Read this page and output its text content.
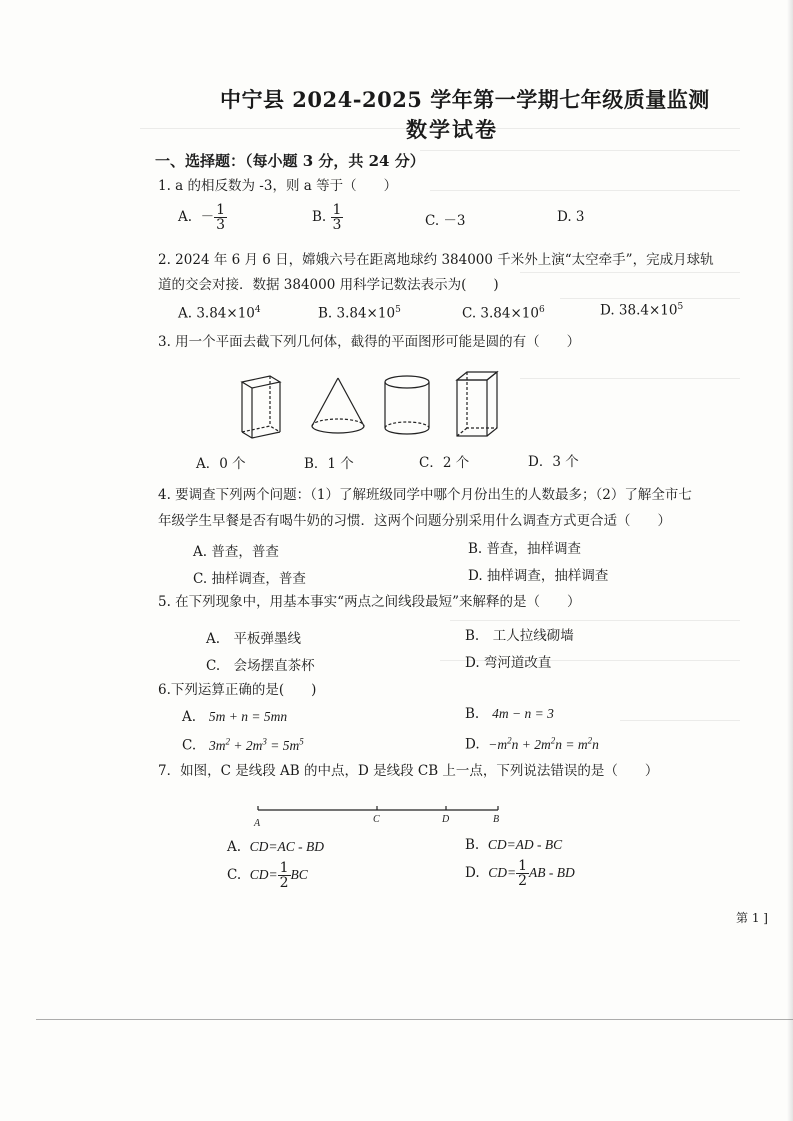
中宁县 2024-2025 学年第一学期七年级质量监测
数学试卷
一、选择题：（每小题 3 分，共 24 分）
1. a 的相反数为 -3，则 a 等于（　　）
A. － $\frac{1}{3}$	B. $\frac{1}{3}$	C. －3	D. 3
2. 2024 年 6 月 6 日，嫦娥六号在距离地球约 384000 千米外上演“太空牵手”，完成月球轨
道的交会对接．数据 384000 用科学记数法表示为(　　)
A. $3.84\times 10^4$	B. $3.84\times 10^5$	C. $3.84\times 10^6$	D. $38.4\times 10^5$
3. 用一个平面去截下列几何体，截得的平面图形可能是圆的有（　　）
A．0 个	B．1 个	C．2 个	D．3 个
4. 要调查下列两个问题：（1）了解班级同学中哪个月份出生的人数最多；（2）了解全市七
年级学生早餐是否有喝牛奶的习惯．这两个问题分别采用什么调查方式更合适（　　）
A. 普查，普查	B. 普查，抽样调查
C. 抽样调查，普查	D. 抽样调查，抽样调查
5. 在下列现象中，用基本事实“两点之间线段最短”来解释的是（　　）
A.　平板弹墨线	B.　工人拉线砌墙
C.　会场摆直茶杯	D. 弯河道改直
6.下列运算正确的是(　　)
A. 5m + n = 5mn	B. 4m − n = 3
C. $3m^2 + 2m^3 = 5m^5$	D. $-m^2n + 2m^2n = m^2n$
7．如图，C 是线段 AB 的中点，D 是线段 CB 上一点，下列说法错误的是（　　）
A	C	D	B
A. CD=AC - BD	B. CD=AD - BC
C. $CD= \frac{1}{2}$ BC	D. $CD= \frac{1}{2}$ AB - BD
第 1 ]
